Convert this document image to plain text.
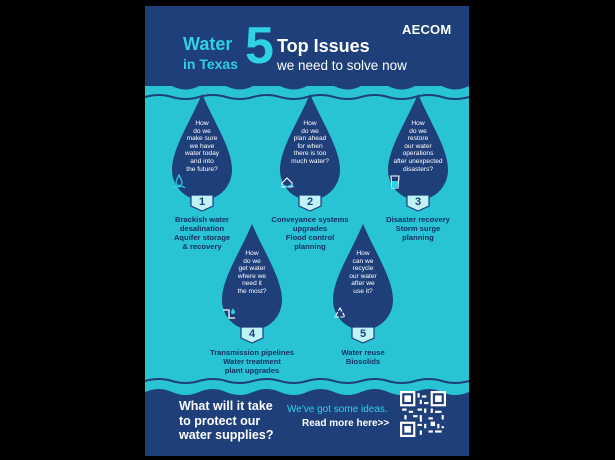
Water
in Texas 5 Top Issues
we need to solve now
AECOM
How
do we
make sure
we have
water today
and into
the future?
1
Brackish water
desalination
Aquifer storage
& recovery
How
do we
plan ahead
for when
there is too
much water?
2
Conveyance systems
upgrades
Flood control
planning
How
do we
restore
our water
operations
after unexpected
disasters?
3
Disaster recovery
Storm surge
planning
How
do we
get water
where we
need it
the most?
4
Transmission pipelines
Water treatment
plant upgrades
How
can we
recycle
our water
after we
use it?
5
Water reuse
Biosolids
What will it take
to protect our
water supplies?
We've got some ideas.
Read more here>>
